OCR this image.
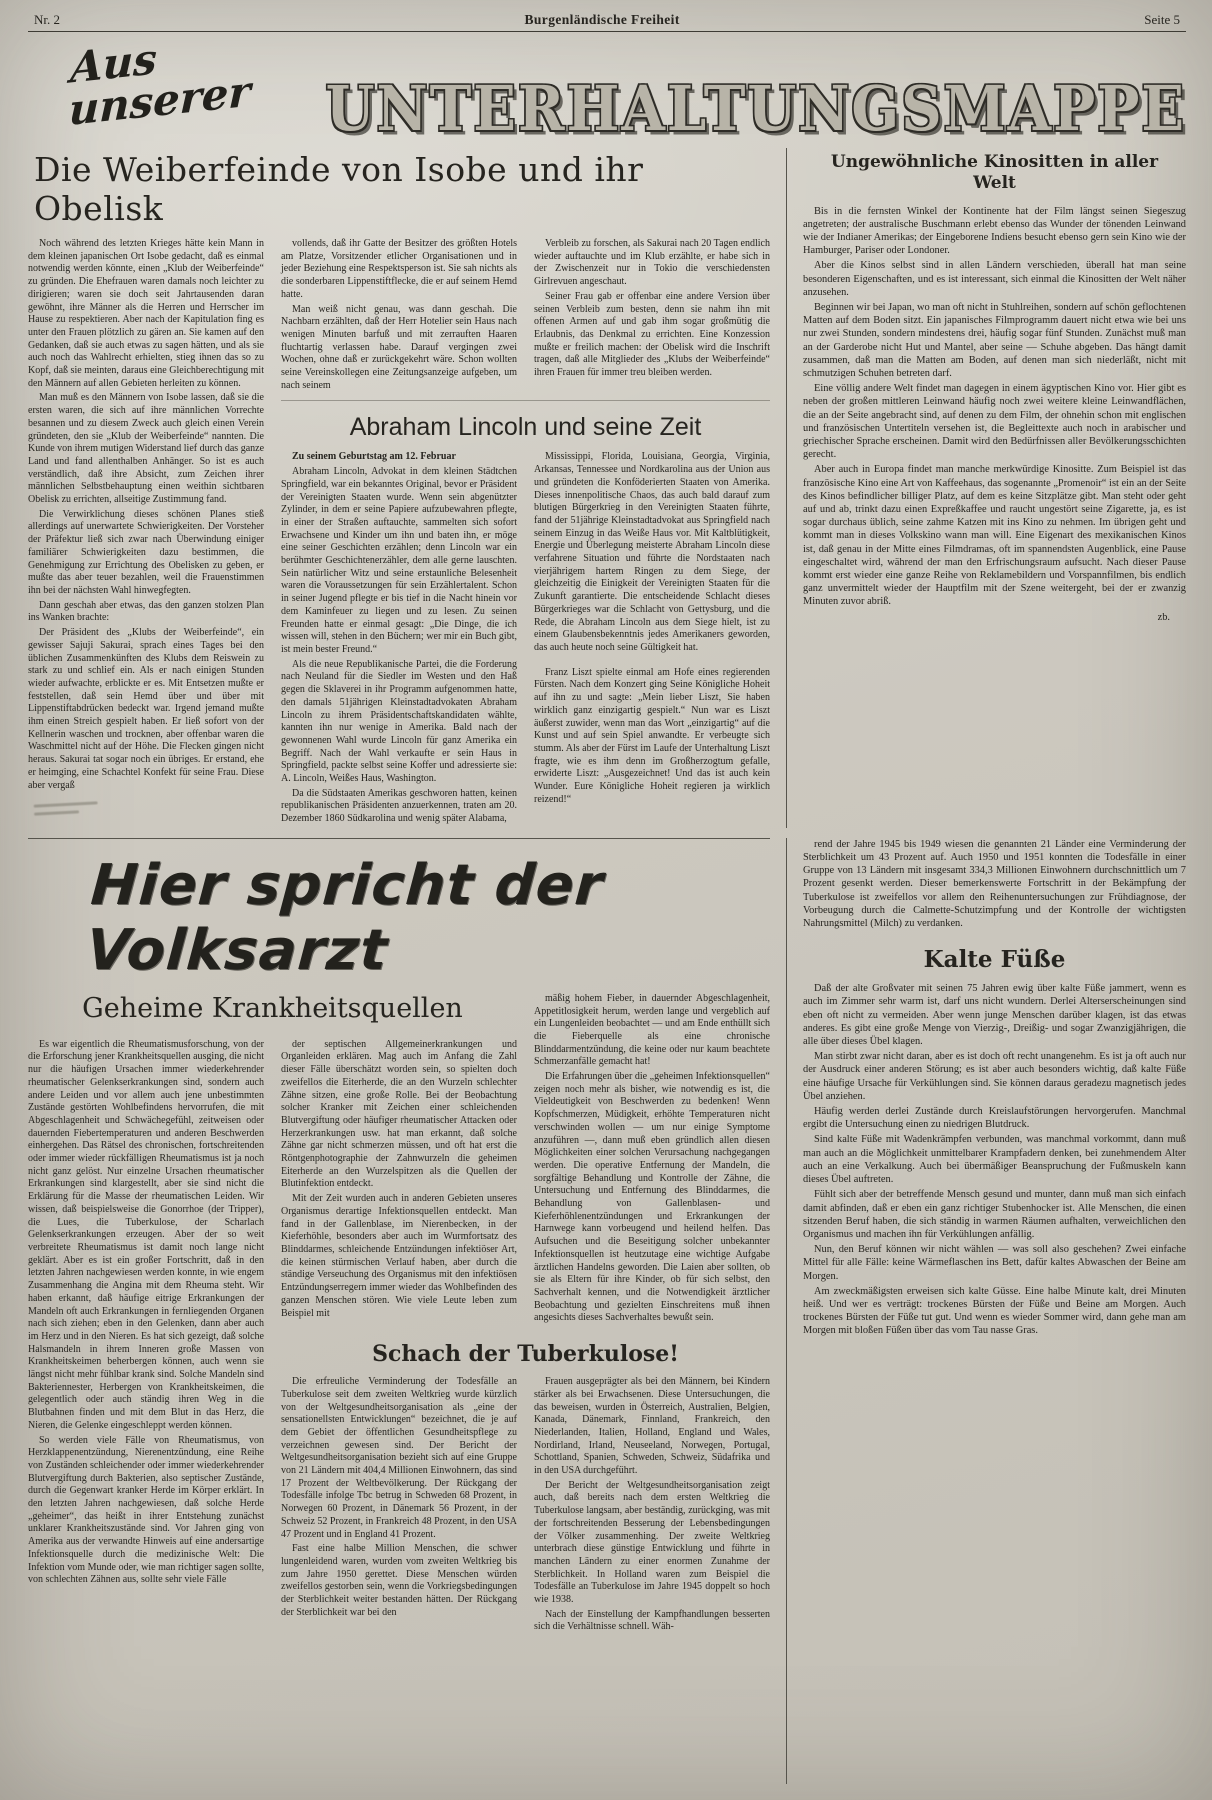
Nr. 2	Burgenländische Freiheit	Seite 5
Aus unserer	UNTERHALTUNGSMAPPE
Die Weiberfeinde von Isobe und ihr Obelisk

Noch während des letzten Krieges hätte kein Mann in dem kleinen japanischen Ort Isobe gedacht, daß es einmal notwendig werden könnte, einen „Klub der Weiberfeinde“ zu gründen. Die Ehefrauen waren damals noch leichter zu dirigieren; waren sie doch seit Jahrtausenden daran gewöhnt, ihre Männer als die Herren und Herrscher im Hause zu respektieren. Aber nach der Kapitulation fing es unter den Frauen plötzlich zu gären an. Sie kamen auf den Gedanken, daß sie auch etwas zu sagen hätten, und als sie auch noch das Wahlrecht erhielten, stieg ihnen das so zu Kopf, daß sie meinten, daraus eine Gleichberechtigung mit den Männern auf allen Gebieten herleiten zu können.

Man muß es den Männern von Isobe lassen, daß sie die ersten waren, die sich auf ihre männlichen Vorrechte besannen und zu diesem Zweck auch gleich einen Verein gründeten, den sie „Klub der Weiberfeinde“ nannten. Die Kunde von ihrem mutigen Widerstand lief durch das ganze Land und fand allenthalben Anhänger. So ist es auch verständlich, daß ihre Absicht, zum Zeichen ihrer männlichen Selbstbehauptung einen weithin sichtbaren Obelisk zu errichten, allseitige Zustimmung fand.

Die Verwirklichung dieses schönen Planes stieß allerdings auf unerwartete Schwierigkeiten. Der Vorsteher der Präfektur ließ sich zwar nach Überwindung einiger familiärer Schwierigkeiten dazu bestimmen, die Genehmigung zur Errichtung des Obelisken zu geben, er mußte das aber teuer bezahlen, weil die Frauenstimmen ihn bei der nächsten Wahl hinwegfegten.

Dann geschah aber etwas, das den ganzen stolzen Plan ins Wanken brachte:

Der Präsident des „Klubs der Weiberfeinde“, ein gewisser Sajuji Sakurai, sprach eines Tages bei den üblichen Zusammenkünften des Klubs dem Reiswein zu stark zu und schlief ein. Als er nach einigen Stunden wieder aufwachte, erblickte er es. Mit Entsetzen mußte er feststellen, daß sein Hemd über und über mit Lippenstiftabdrücken bedeckt war. Irgend jemand mußte ihm einen Streich gespielt haben. Er ließ sofort von der Kellnerin waschen und trocknen, aber offenbar waren die Waschmittel nicht auf der Höhe. Die Flecken gingen nicht heraus. Sakurai tat sogar noch ein übriges. Er erstand, ehe er heimging, eine Schachtel Konfekt für seine Frau. Diese aber vergaß

vollends, daß ihr Gatte der Besitzer des größten Hotels am Platze, Vorsitzender etlicher Organisationen und in jeder Beziehung eine Respektsperson ist. Sie sah nichts als die sonderbaren Lippenstiftflecke, die er auf seinem Hemd hatte.

Man weiß nicht genau, was dann geschah. Die Nachbarn erzählten, daß der Herr Hotelier sein Haus nach wenigen Minuten barfuß und mit zerrauften Haaren fluchtartig verlassen habe. Darauf vergingen zwei Wochen, ohne daß er zurückgekehrt wäre. Schon wollten seine Vereinskollegen eine Zeitungsanzeige aufgeben, um nach seinem

Verbleib zu forschen, als Sakurai nach 20 Tagen endlich wieder auftauchte und im Klub erzählte, er habe sich in der Zwischenzeit nur in Tokio die verschiedensten Girlrevuen angeschaut.

Seiner Frau gab er offenbar eine andere Version über seinen Verbleib zum besten, denn sie nahm ihn mit offenen Armen auf und gab ihm sogar großmütig die Erlaubnis, das Denkmal zu errichten. Eine Konzession mußte er freilich machen: der Obelisk wird die Inschrift tragen, daß alle Mitglieder des „Klubs der Weiberfeinde“ ihren Frauen für immer treu bleiben werden.

Abraham Lincoln und seine Zeit

Zu seinem Geburtstag am 12. Februar

Abraham Lincoln, Advokat in dem kleinen Städtchen Springfield, war ein bekanntes Original, bevor er Präsident der Vereinigten Staaten wurde. Wenn sein abgenützter Zylinder, in dem er seine Papiere aufzubewahren pflegte, in einer der Straßen auftauchte, sammelten sich sofort Erwachsene und Kinder um ihn und baten ihn, er möge eine seiner Geschichten erzählen; denn Lincoln war ein berühmter Geschichtenerzähler, dem alle gerne lauschten. Sein natürlicher Witz und seine erstaunliche Belesenheit waren die Voraussetzungen für sein Erzählertalent. Schon in seiner Jugend pflegte er bis tief in die Nacht hinein vor dem Kaminfeuer zu liegen und zu lesen. Zu seinen Freunden hatte er einmal gesagt: „Die Dinge, die ich wissen will, stehen in den Büchern; wer mir ein Buch gibt, ist mein bester Freund.“

Als die neue Republikanische Partei, die die Forderung nach Neuland für die Siedler im Westen und den Haß gegen die Sklaverei in ihr Programm aufgenommen hatte, den damals 51jährigen Kleinstadtadvokaten Abraham Lincoln zu ihrem Präsidentschaftskandidaten wählte, kannten ihn nur wenige in Amerika. Bald nach der gewonnenen Wahl wurde Lincoln für ganz Amerika ein Begriff. Nach der Wahl verkaufte er sein Haus in Springfield, packte selbst seine Koffer und adressierte sie: A. Lincoln, Weißes Haus, Washington.

Da die Südstaaten Amerikas geschworen hatten, keinen republikanischen Präsidenten anzuerkennen, traten am 20. Dezember 1860 Südkarolina und wenig später Alabama,

Mississippi, Florida, Louisiana, Georgia, Virginia, Arkansas, Tennessee und Nordkarolina aus der Union aus und gründeten die Konföderierten Staaten von Amerika. Dieses innenpolitische Chaos, das auch bald darauf zum blutigen Bürgerkrieg in den Vereinigten Staaten führte, fand der 51jährige Kleinstadtadvokat aus Springfield nach seinem Einzug in das Weiße Haus vor. Mit Kaltblütigkeit, Energie und Überlegung meisterte Abraham Lincoln diese verfahrene Situation und führte die Nordstaaten nach vierjährigem hartem Ringen zu dem Siege, der gleichzeitig die Einigkeit der Vereinigten Staaten für die Zukunft garantierte. Die entscheidende Schlacht dieses Bürgerkrieges war die Schlacht von Gettysburg, und die Rede, die Abraham Lincoln aus dem Siege hielt, ist zu einem Glaubensbekenntnis jedes Amerikaners geworden, das auch heute noch seine Gültigkeit hat.

Franz Liszt spielte einmal am Hofe eines regierenden Fürsten. Nach dem Konzert ging Seine Königliche Hoheit auf ihn zu und sagte: „Mein lieber Liszt, Sie haben wirklich ganz einzigartig gespielt.“ Nun war es Liszt äußerst zuwider, wenn man das Wort „einzigartig“ auf die Kunst und auf sein Spiel anwandte. Er verbeugte sich stumm. Als aber der Fürst im Laufe der Unterhaltung Liszt fragte, wie es ihm denn im Großherzogtum gefalle, erwiderte Liszt: „Ausgezeichnet! Und das ist auch kein Wunder. Eure Königliche Hoheit regieren ja wirklich reizend!“

Ungewöhnliche Kinositten in aller Welt

Bis in die fernsten Winkel der Kontinente hat der Film längst seinen Siegeszug angetreten; der australische Buschmann erlebt ebenso das Wunder der tönenden Leinwand wie der Indianer Amerikas; der Eingeborene Indiens besucht ebenso gern sein Kino wie der Hamburger, Pariser oder Londoner.

Aber die Kinos selbst sind in allen Ländern verschieden, überall hat man seine besonderen Eigenschaften, und es ist interessant, sich einmal die Kinositten der Welt näher anzusehen.

Beginnen wir bei Japan, wo man oft nicht in Stuhlreihen, sondern auf schön geflochtenen Matten auf dem Boden sitzt. Ein japanisches Filmprogramm dauert nicht etwa wie bei uns nur zwei Stunden, sondern mindestens drei, häufig sogar fünf Stunden. Zunächst muß man an der Garderobe nicht Hut und Mantel, aber seine — Schuhe abgeben. Das hängt damit zusammen, daß man die Matten am Boden, auf denen man sich niederläßt, nicht mit schmutzigen Schuhen betreten darf.

Eine völlig andere Welt findet man dagegen in einem ägyptischen Kino vor. Hier gibt es neben der großen mittleren Leinwand häufig noch zwei weitere kleine Leinwandflächen, die an der Seite angebracht sind, auf denen zu dem Film, der ohnehin schon mit englischen und französischen Untertiteln versehen ist, die Begleittexte auch noch in arabischer und griechischer Sprache erscheinen. Damit wird den Bedürfnissen aller Bevölkerungsschichten gerecht.

Aber auch in Europa findet man manche merkwürdige Kinositte. Zum Beispiel ist das französische Kino eine Art von Kaffeehaus, das sogenannte „Promenoir“ ist ein an der Seite des Kinos befindlicher billiger Platz, auf dem es keine Sitzplätze gibt. Man steht oder geht auf und ab, trinkt dazu einen Expreßkaffee und raucht ungestört seine Zigarette, ja, es ist sogar durchaus üblich, seine zahme Katzen mit ins Kino zu nehmen. Im übrigen geht und kommt man in dieses Volkskino wann man will. Eine Eigenart des mexikanischen Kinos ist, daß genau in der Mitte eines Filmdramas, oft im spannendsten Augenblick, eine Pause eingeschaltet wird, während der man den Erfrischungsraum aufsucht. Nach dieser Pause kommt erst wieder eine ganze Reihe von Reklamebildern und Vorspannfilmen, bis endlich ganz unvermittelt wieder der Hauptfilm mit der Szene weitergeht, bei der er zwanzig Minuten zuvor abriß.

zb.
Hier spricht der Volksarzt
Geheime Krankheitsquellen

Es war eigentlich die Rheumatismusforschung, von der die Erforschung jener Krankheitsquellen ausging, die nicht nur die häufigen Ursachen immer wiederkehrender rheumatischer Gelenkserkrankungen sind, sondern auch andere Leiden und vor allem auch jene unbestimmten Zustände gestörten Wohlbefindens hervorrufen, die mit Abgeschlagenheit und Schwächegefühl, zeitweisen oder dauernden Fiebertemperaturen und anderen Beschwerden einhergehen. Das Rätsel des chronischen, fortschreitenden oder immer wieder rückfälligen Rheumatismus ist ja noch nicht ganz gelöst. Nur einzelne Ursachen rheumatischer Erkrankungen sind klargestellt, aber sie sind nicht die Erklärung für die Masse der rheumatischen Leiden. Wir wissen, daß beispielsweise die Gonorrhoe (der Tripper), die Lues, die Tuberkulose, der Scharlach Gelenkserkrankungen erzeugen. Aber der so weit verbreitete Rheumatismus ist damit noch lange nicht geklärt. Aber es ist ein großer Fortschritt, daß in den letzten Jahren nachgewiesen werden konnte, in wie engem Zusammenhang die Angina mit dem Rheuma steht. Wir haben erkannt, daß häufige eitrige Erkrankungen der Mandeln oft auch Erkrankungen in fernliegenden Organen nach sich ziehen; eben in den Gelenken, dann aber auch im Herz und in den Nieren. Es hat sich gezeigt, daß solche Halsmandeln in ihrem Inneren große Massen von Krankheitskeimen beherbergen können, auch wenn sie längst nicht mehr fühlbar krank sind. Solche Mandeln sind Bakteriennester, Herbergen von Krankheitskeimen, die gelegentlich oder auch ständig ihren Weg in die Blutbahnen finden und mit dem Blut in das Herz, die Nieren, die Gelenke eingeschleppt werden können.

So werden viele Fälle von Rheumatismus, von Herzklappenentzündung, Nierenentzündung, eine Reihe von Zuständen schleichender oder immer wiederkehrender Blutvergiftung durch Bakterien, also septischer Zustände, durch die Gegenwart kranker Herde im Körper erklärt. In den letzten Jahren nachgewiesen, daß solche Herde „geheimer“, das heißt in ihrer Entstehung zunächst unklarer Krankheitszustände sind. Vor Jahren ging von Amerika aus der verwandte Hinweis auf eine andersartige Infektionsquelle durch die medizinische Welt: Die Infektion vom Munde oder, wie man richtiger sagen sollte, von schlechten Zähnen aus, sollte sehr viele Fälle

der septischen Allgemeinerkrankungen und Organleiden erklären. Mag auch im Anfang die Zahl dieser Fälle überschätzt worden sein, so spielten doch zweifellos die Eiterherde, die an den Wurzeln schlechter Zähne sitzen, eine große Rolle. Bei der Beobachtung solcher Kranker mit Zeichen einer schleichenden Blutvergiftung oder häufiger rheumatischer Attacken oder Herzerkrankungen usw. hat man erkannt, daß solche Zähne gar nicht schmerzen müssen, und oft hat erst die Röntgenphotographie der Zahnwurzeln die geheimen Eiterherde an den Wurzelspitzen als die Quellen der Blutinfektion entdeckt.

Mit der Zeit wurden auch in anderen Gebieten unseres Organismus derartige Infektionsquellen entdeckt. Man fand in der Gallenblase, im Nierenbecken, in der Kieferhöhle, besonders aber auch im Wurmfortsatz des Blinddarmes, schleichende Entzündungen infektiöser Art, die keinen stürmischen Verlauf haben, aber durch die ständige Verseuchung des Organismus mit den infektiösen Entzündungserregern immer wieder das Wohlbefinden des ganzen Menschen stören. Wie viele Leute leben zum Beispiel mit

mäßig hohem Fieber, in dauernder Abgeschlagenheit, Appetitlosigkeit herum, werden lange und vergeblich auf ein Lungenleiden beobachtet — und am Ende enthüllt sich die Fieberquelle als eine chronische Blinddarmentzündung, die keine oder nur kaum beachtete Schmerzanfälle gemacht hat!

Die Erfahrungen über die „geheimen Infektionsquellen“ zeigen noch mehr als bisher, wie notwendig es ist, die Vieldeutigkeit von Beschwerden zu bedenken! Wenn Kopfschmerzen, Müdigkeit, erhöhte Temperaturen nicht verschwinden wollen — um nur einige Symptome anzuführen —, dann muß eben gründlich allen diesen Möglichkeiten einer solchen Verursachung nachgegangen werden. Die operative Entfernung der Mandeln, die sorgfältige Behandlung und Kontrolle der Zähne, die Untersuchung und Entfernung des Blinddarmes, die Behandlung von Gallenblasen- und Kieferhöhlenentzündungen und Erkrankungen der Harnwege kann vorbeugend und heilend helfen. Das Aufsuchen und die Beseitigung solcher unbekannter Infektionsquellen ist heutzutage eine wichtige Aufgabe ärztlichen Handelns geworden. Die Laien aber sollten, ob sie als Eltern für ihre Kinder, ob für sich selbst, den Sachverhalt kennen, und die Notwendigkeit ärztlicher Beobachtung und gezielten Einschreitens muß ihnen angesichts dieses Sachverhaltes bewußt sein.

Schach der Tuberkulose!

Die erfreuliche Verminderung der Todesfälle an Tuberkulose seit dem zweiten Weltkrieg wurde kürzlich von der Weltgesundheitsorganisation als „eine der sensationellsten Entwicklungen“ bezeichnet, die je auf dem Gebiet der öffentlichen Gesundheitspflege zu verzeichnen gewesen sind. Der Bericht der Weltgesundheitsorganisation bezieht sich auf eine Gruppe von 21 Ländern mit 404,4 Millionen Einwohnern, das sind 17 Prozent der Weltbevölkerung. Der Rückgang der Todesfälle infolge Tbc betrug in Schweden 68 Prozent, in Norwegen 60 Prozent, in Dänemark 56 Prozent, in der Schweiz 52 Prozent, in Frankreich 48 Prozent, in den USA 47 Prozent und in England 41 Prozent.

Fast eine halbe Million Menschen, die schwer lungenleidend waren, wurden vom zweiten Weltkrieg bis zum Jahre 1950 gerettet. Diese Menschen würden zweifellos gestorben sein, wenn die Vorkriegsbedingungen der Sterblichkeit weiter bestanden hätten. Der Rückgang der Sterblichkeit war bei den

Frauen ausgeprägter als bei den Männern, bei Kindern stärker als bei Erwachsenen. Diese Untersuchungen, die das beweisen, wurden in Österreich, Australien, Belgien, Kanada, Dänemark, Finnland, Frankreich, den Niederlanden, Italien, Holland, England und Wales, Nordirland, Irland, Neuseeland, Norwegen, Portugal, Schottland, Spanien, Schweden, Schweiz, Südafrika und in den USA durchgeführt.

Der Bericht der Weltgesundheitsorganisation zeigt auch, daß bereits nach dem ersten Weltkrieg die Tuberkulose langsam, aber beständig, zurückging, was mit der fortschreitenden Besserung der Lebensbedingungen der Völker zusammenhing. Der zweite Weltkrieg unterbrach diese günstige Entwicklung und führte in manchen Ländern zu einer enormen Zunahme der Sterblichkeit. In Holland waren zum Beispiel die Todesfälle an Tuberkulose im Jahre 1945 doppelt so hoch wie 1938.

Nach der Einstellung der Kampfhandlungen besserten sich die Verhältnisse schnell. Wäh-

rend der Jahre 1945 bis 1949 wiesen die genannten 21 Länder eine Verminderung der Sterblichkeit um 43 Prozent auf. Auch 1950 und 1951 konnten die Todesfälle in einer Gruppe von 13 Ländern mit insgesamt 334,3 Millionen Einwohnern durchschnittlich um 7 Prozent gesenkt werden. Dieser bemerkenswerte Fortschritt in der Bekämpfung der Tuberkulose ist zweifellos vor allem den Reihenuntersuchungen zur Frühdiagnose, der Vorbeugung durch die Calmette-Schutzimpfung und der Kontrolle der wichtigsten Nahrungsmittel (Milch) zu verdanken.

Kalte Füße

Daß der alte Großvater mit seinen 75 Jahren ewig über kalte Füße jammert, wenn es auch im Zimmer sehr warm ist, darf uns nicht wundern. Derlei Alterserscheinungen sind eben oft nicht zu vermeiden. Aber wenn junge Menschen darüber klagen, ist das etwas anderes. Es gibt eine große Menge von Vierzig-, Dreißig- und sogar Zwanzigjährigen, die alle über dieses Übel klagen.

Man stirbt zwar nicht daran, aber es ist doch oft recht unangenehm. Es ist ja oft auch nur der Ausdruck einer anderen Störung; es ist aber auch besonders wichtig, daß kalte Füße eine häufige Ursache für Verkühlungen sind. Sie können daraus geradezu magnetisch jedes Übel anziehen.

Häufig werden derlei Zustände durch Kreislaufstörungen hervorgerufen. Manchmal ergibt die Untersuchung einen zu niedrigen Blutdruck.

Sind kalte Füße mit Wadenkrämpfen verbunden, was manchmal vorkommt, dann muß man auch an die Möglichkeit unmittelbarer Krampfadern denken, bei zunehmendem Alter auch an eine Verkalkung. Auch bei übermäßiger Beanspruchung der Fußmuskeln kann dieses Übel auftreten.

Fühlt sich aber der betreffende Mensch gesund und munter, dann muß man sich einfach damit abfinden, daß er eben ein ganz richtiger Stubenhocker ist. Alle Menschen, die einen sitzenden Beruf haben, die sich ständig in warmen Räumen aufhalten, verweichlichen den Organismus und machen ihn für Verkühlungen anfällig.

Nun, den Beruf können wir nicht wählen — was soll also geschehen? Zwei einfache Mittel für alle Fälle: keine Wärmeflaschen ins Bett, dafür kaltes Abwaschen der Beine am Morgen.

Am zweckmäßigsten erweisen sich kalte Güsse. Eine halbe Minute kalt, drei Minuten heiß. Und wer es verträgt: trockenes Bürsten der Füße und Beine am Morgen. Auch trockenes Bürsten der Füße tut gut. Und wenn es wieder Sommer wird, dann gehe man am Morgen mit bloßen Füßen über das vom Tau nasse Gras.
